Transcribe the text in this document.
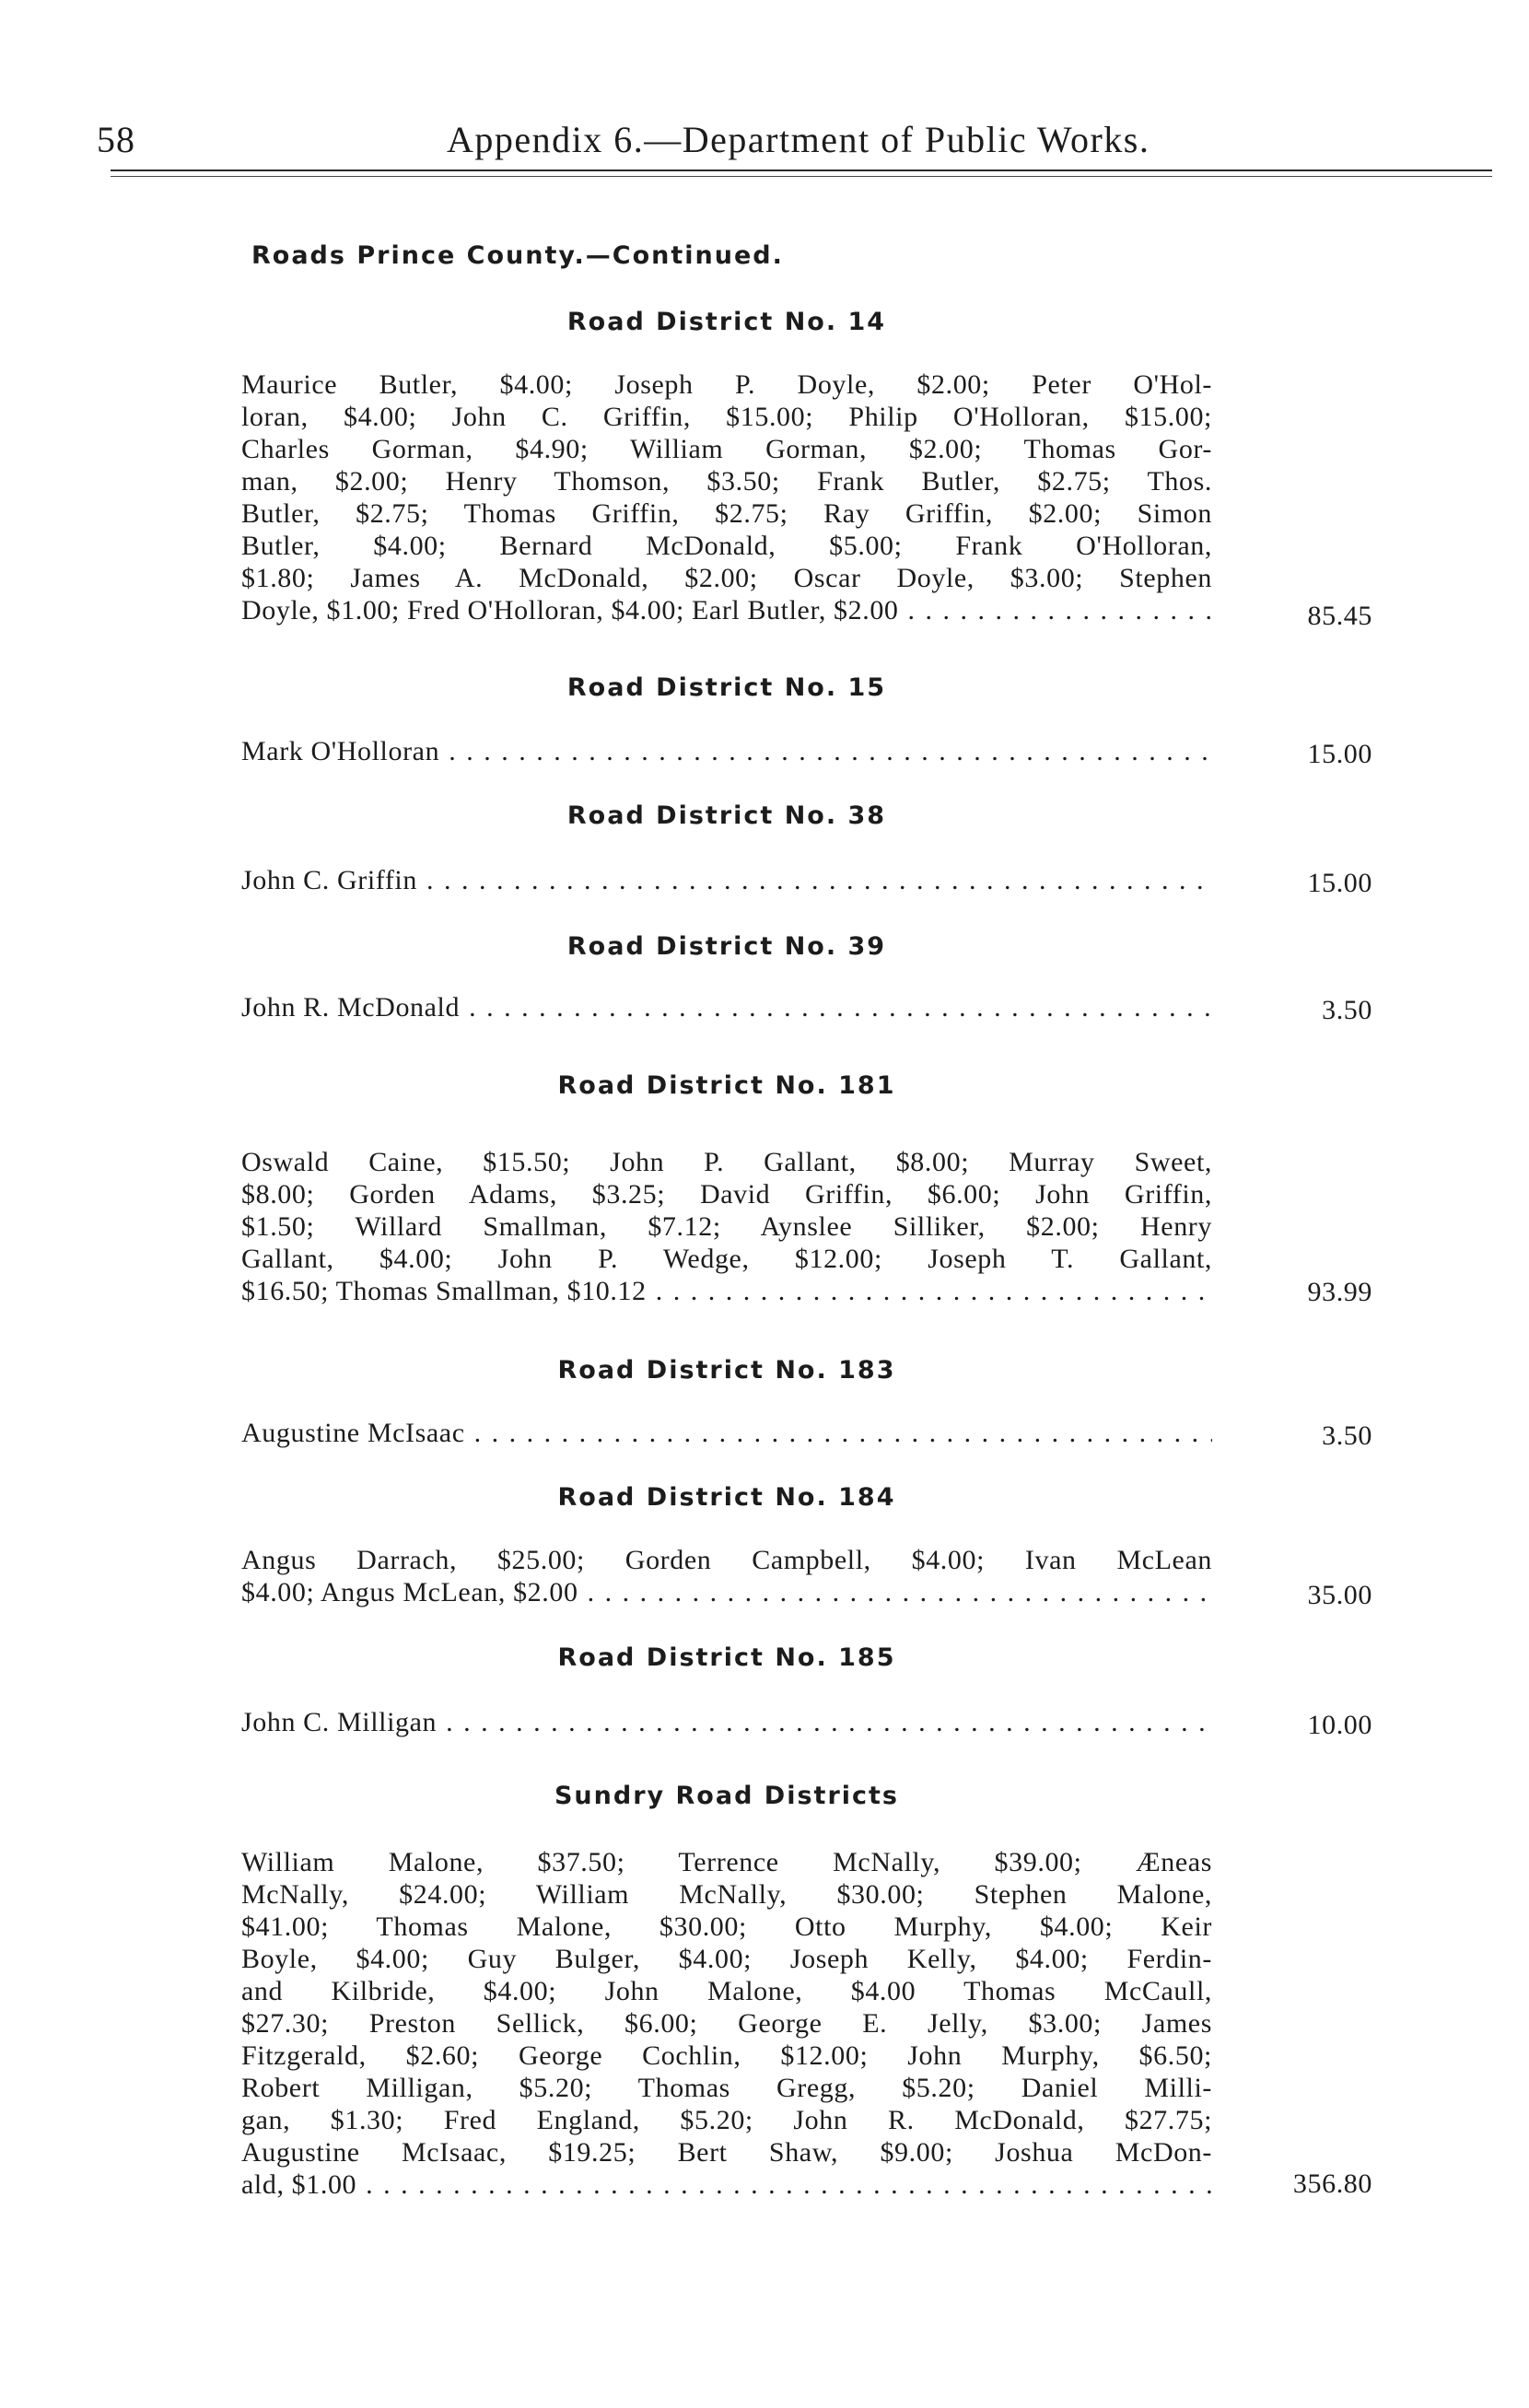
58	Appendix 6.—Department of Public Works.
Roads Prince County.—Continued.
Road District No. 14
Maurice Butler, $4.00; Joseph P. Doyle, $2.00; Peter O'Hol-
loran, $4.00; John C. Griffin, $15.00; Philip O'Holloran, $15.00;
Charles Gorman, $4.90; William Gorman, $2.00; Thomas Gor-
man, $2.00; Henry Thomson, $3.50; Frank Butler, $2.75; Thos.
Butler, $2.75; Thomas Griffin, $2.75; Ray Griffin, $2.00; Simon
Butler, $4.00; Bernard McDonald, $5.00; Frank O'Holloran,
$1.80; James A. McDonald, $2.00; Oscar Doyle, $3.00; Stephen
Doyle, $1.00; Fred O'Holloran, $4.00; Earl Butler, $2.00 . . .	85.45
Road District No. 15
Mark O'Holloran . . .	15.00
Road District No. 38
John C. Griffin . . .	15.00
Road District No. 39
John R. McDonald . . .	3.50
Road District No. 181
Oswald Caine, $15.50; John P. Gallant, $8.00; Murray Sweet,
$8.00; Gorden Adams, $3.25; David Griffin, $6.00; John Griffin,
$1.50; Willard Smallman, $7.12; Aynslee Silliker, $2.00; Henry
Gallant, $4.00; John P. Wedge, $12.00; Joseph T. Gallant,
$16.50; Thomas Smallman, $10.12 . . .	93.99
Road District No. 183
Augustine McIsaac . . .	3.50
Road District No. 184
Angus Darrach, $25.00; Gorden Campbell, $4.00; Ivan McLean
$4.00; Angus McLean, $2.00 . . .	35.00
Road District No. 185
John C. Milligan . . .	10.00
Sundry Road Districts
William Malone, $37.50; Terrence McNally, $39.00; Æneas
McNally, $24.00; William McNally, $30.00; Stephen Malone,
$41.00; Thomas Malone, $30.00; Otto Murphy, $4.00; Keir
Boyle, $4.00; Guy Bulger, $4.00; Joseph Kelly, $4.00; Ferdin-
and Kilbride, $4.00; John Malone, $4.00 Thomas McCaull,
$27.30; Preston Sellick, $6.00; George E. Jelly, $3.00; James
Fitzgerald, $2.60; George Cochlin, $12.00; John Murphy, $6.50;
Robert Milligan, $5.20; Thomas Gregg, $5.20; Daniel Milli-
gan, $1.30; Fred England, $5.20; John R. McDonald, $27.75;
Augustine McIsaac, $19.25; Bert Shaw, $9.00; Joshua McDon-
ald, $1.00 . . .	356.80
